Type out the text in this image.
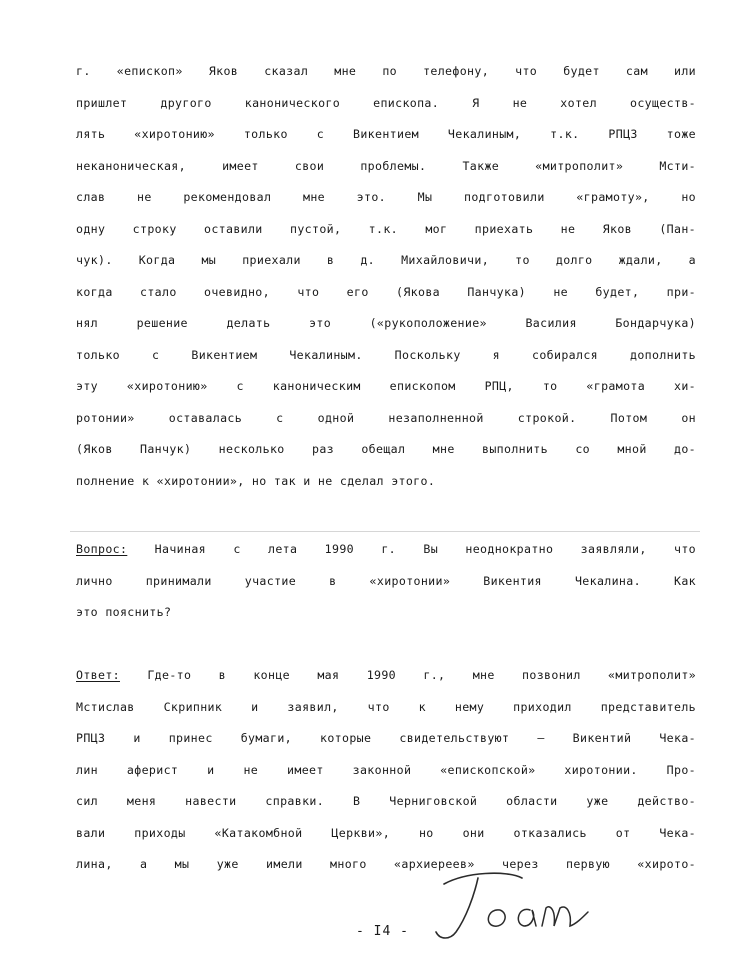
г. «епископ» Яков сказал мне по телефону, что будет сам или
пришлет другого канонического епископа. Я не хотел осуществ-
лять «хиротонию» только с Викентием Чекалиным, т.к. РПЦЗ тоже
неканоническая, имеет свои проблемы. Также «митрополит» Мсти-
слав не рекомендовал мне это. Мы подготовили «грамоту», но
одну строку оставили пустой, т.к. мог приехать не Яков (Пан-
чук). Когда мы приехали в д. Михайловичи, то долго ждали, а
когда стало очевидно, что его (Якова Панчука) не будет, при-
нял решение делать это («рукоположение» Василия Бондарчука)
только с Викентием Чекалиным. Поскольку я собирался дополнить
эту «хиротонию» с каноническим епископом РПЦ, то «грамота хи-
ротонии» оставалась с одной незаполненной строкой. Потом он
(Яков Панчук) несколько раз обещал мне выполнить со мной до-
полнение к «хиротонии», но так и не сделал этого.
Вопрос: Начиная с лета 1990 г. Вы неоднократно заявляли, что
лично принимали участие в «хиротонии» Викентия Чекалина. Как
это пояснить?
Ответ: Где-то в конце мая 1990 г., мне позвонил «митрополит»
Мстислав Скрипник и заявил, что к нему приходил представитель
РПЦЗ и принес бумаги, которые свидетельствуют — Викентий Чека-
лин аферист и не имеет законной «епископской» хиротонии. Про-
сил меня навести справки. В Черниговской области уже действо-
вали приходы «Катакомбной Церкви», но они отказались от Чека-
лина, а мы уже имели много «архиереев» через первую «хирото-
- I4 -
